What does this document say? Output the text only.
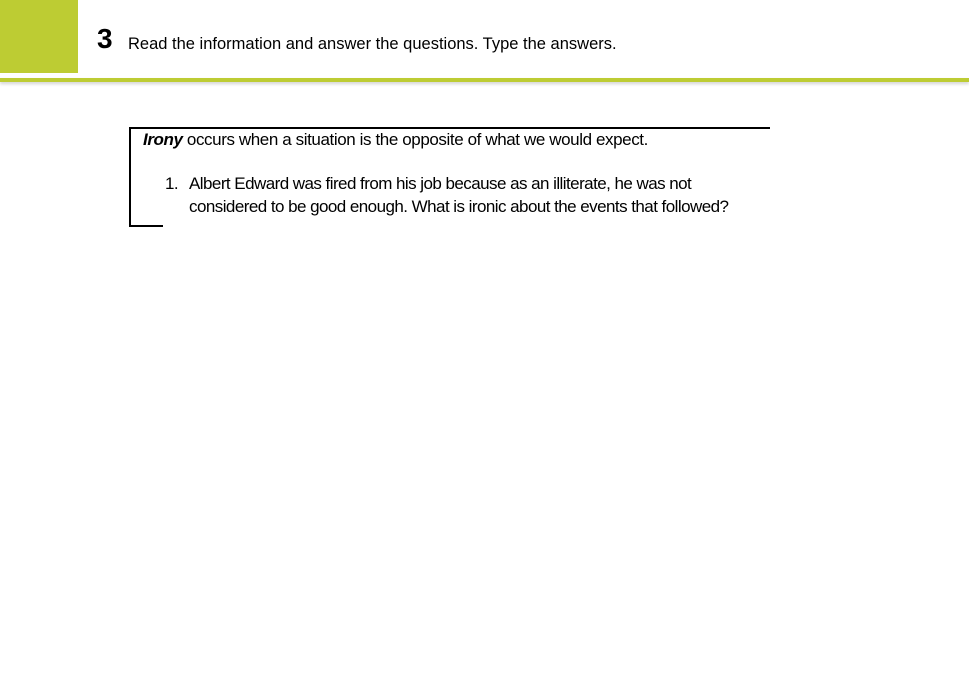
3 Read the information and answer the questions. Type the answers.
Irony occurs when a situation is the opposite of what we would expect.
1. Albert Edward was fired from his job because as an illiterate, he was not
considered to be good enough. What is ironic about the events that followed?
